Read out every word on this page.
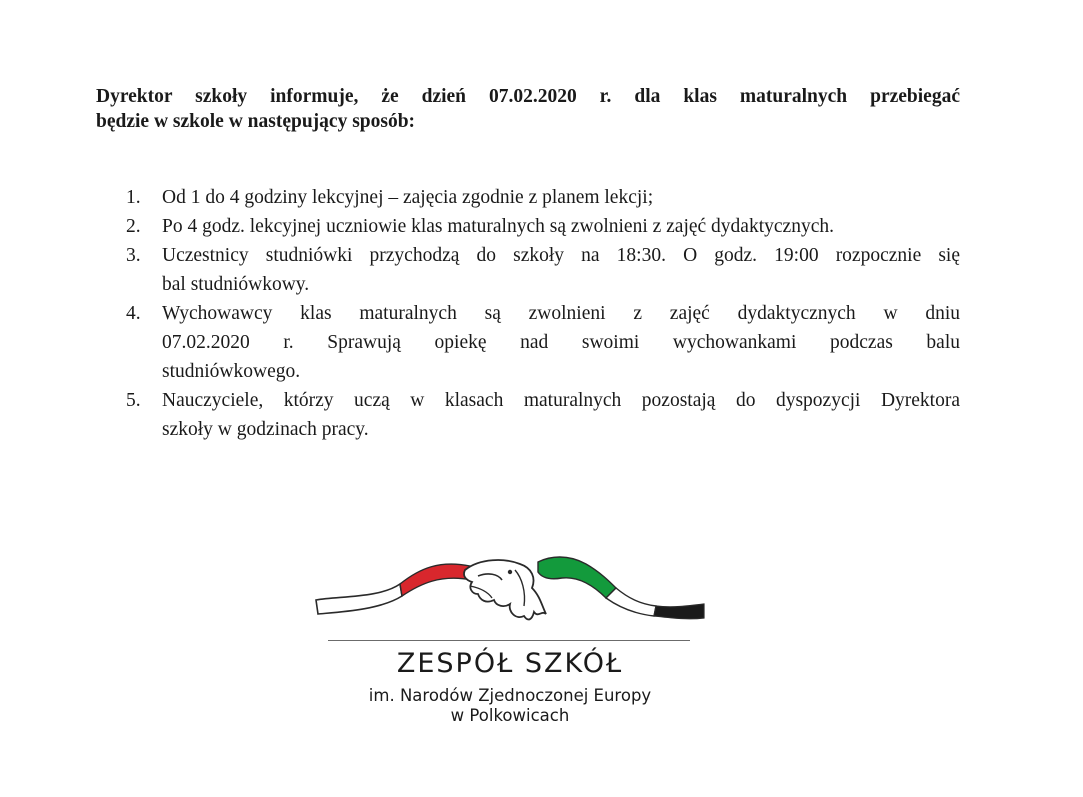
Dyrektor szkoły informuje, że dzień 07.02.2020 r. dla klas maturalnych przebiegać
będzie w szkole w następujący sposób:

1. Od 1 do 4 godziny lekcyjnej – zajęcia zgodnie z planem lekcji;
2. Po 4 godz. lekcyjnej uczniowie klas maturalnych są zwolnieni z zajęć dydaktycznych.
3. Uczestnicy studniówki przychodzą do szkoły na 18:30. O godz. 19:00 rozpocznie się
bal studniówkowy.
4. Wychowawcy klas maturalnych są zwolnieni z zajęć dydaktycznych w dniu
07.02.2020 r. Sprawują opiekę nad swoimi wychowankami podczas balu
studniówkowego.
5. Nauczyciele, którzy uczą w klasach maturalnych pozostają do dyspozycji Dyrektora
szkoły w godzinach pracy.

ZESPÓŁ SZKÓŁ

im. Narodów Zjednoczonej Europy

w Polkowicach
